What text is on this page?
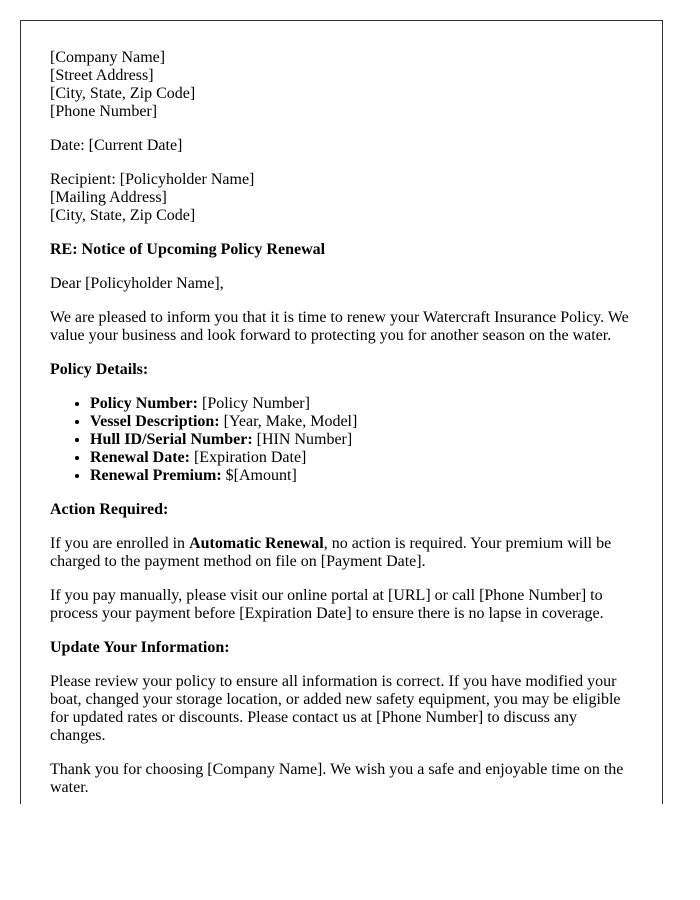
[Company Name]
[Street Address]
[City, State, Zip Code]
[Phone Number]

Date: [Current Date]

Recipient: [Policyholder Name]
[Mailing Address]
[City, State, Zip Code]

RE: Notice of Upcoming Policy Renewal

Dear [Policyholder Name],

We are pleased to inform you that it is time to renew your Watercraft Insurance Policy. We value your business and look forward to protecting you for another season on the water.

Policy Details:

• Policy Number: [Policy Number]
• Vessel Description: [Year, Make, Model]
• Hull ID/Serial Number: [HIN Number]
• Renewal Date: [Expiration Date]
• Renewal Premium: $[Amount]

Action Required:

If you are enrolled in Automatic Renewal, no action is required. Your premium will be charged to the payment method on file on [Payment Date].

If you pay manually, please visit our online portal at [URL] or call [Phone Number] to process your payment before [Expiration Date] to ensure there is no lapse in coverage.

Update Your Information:

Please review your policy to ensure all information is correct. If you have modified your boat, changed your storage location, or added new safety equipment, you may be eligible for updated rates or discounts. Please contact us at [Phone Number] to discuss any changes.

Thank you for choosing [Company Name]. We wish you a safe and enjoyable time on the water.
